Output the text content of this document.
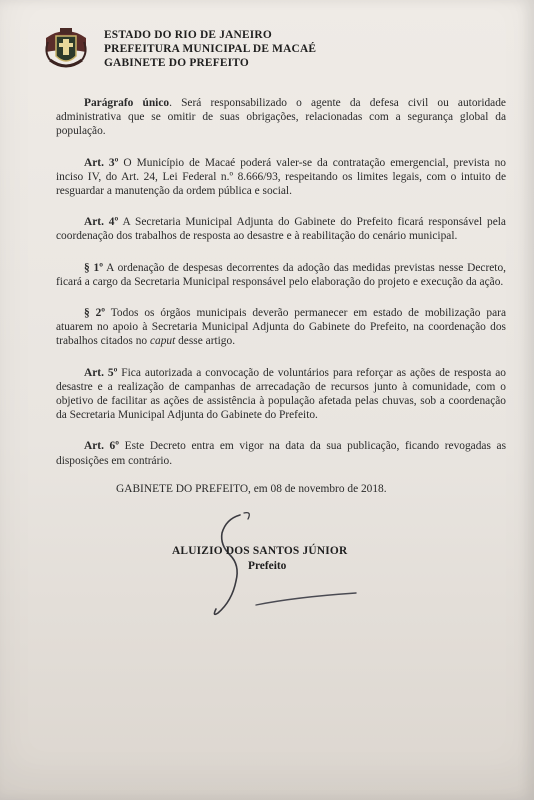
ESTADO DO RIO DE JANEIRO
PREFEITURA MUNICIPAL DE MACAÉ
GABINETE DO PREFEITO

Parágrafo único. Será responsabilizado o agente da defesa civil ou autoridade administrativa que se omitir de suas obrigações, relacionadas com a segurança global da população.

Art. 3º O Município de Macaé poderá valer-se da contratação emergencial, prevista no inciso IV, do Art. 24, Lei Federal n.º 8.666/93, respeitando os limites legais, com o intuito de resguardar a manutenção da ordem pública e social.

Art. 4º A Secretaria Municipal Adjunta do Gabinete do Prefeito ficará responsável pela coordenação dos trabalhos de resposta ao desastre e à reabilitação do cenário municipal.

§ 1º A ordenação de despesas decorrentes da adoção das medidas previstas nesse Decreto, ficará a cargo da Secretaria Municipal responsável pelo elaboração do projeto e execução da ação.

§ 2º Todos os órgãos municipais deverão permanecer em estado de mobilização para atuarem no apoio à Secretaria Municipal Adjunta do Gabinete do Prefeito, na coordenação dos trabalhos citados no caput desse artigo.

Art. 5º Fica autorizada a convocação de voluntários para reforçar as ações de resposta ao desastre e a realização de campanhas de arrecadação de recursos junto à comunidade, com o objetivo de facilitar as ações de assistência à população afetada pelas chuvas, sob a coordenação da Secretaria Municipal Adjunta do Gabinete do Prefeito.

Art. 6º Este Decreto entra em vigor na data da sua publicação, ficando revogadas as disposições em contrário.

GABINETE DO PREFEITO, em 08 de novembro de 2018.
ALUIZIO DOS SANTOS JÚNIOR
Prefeito
